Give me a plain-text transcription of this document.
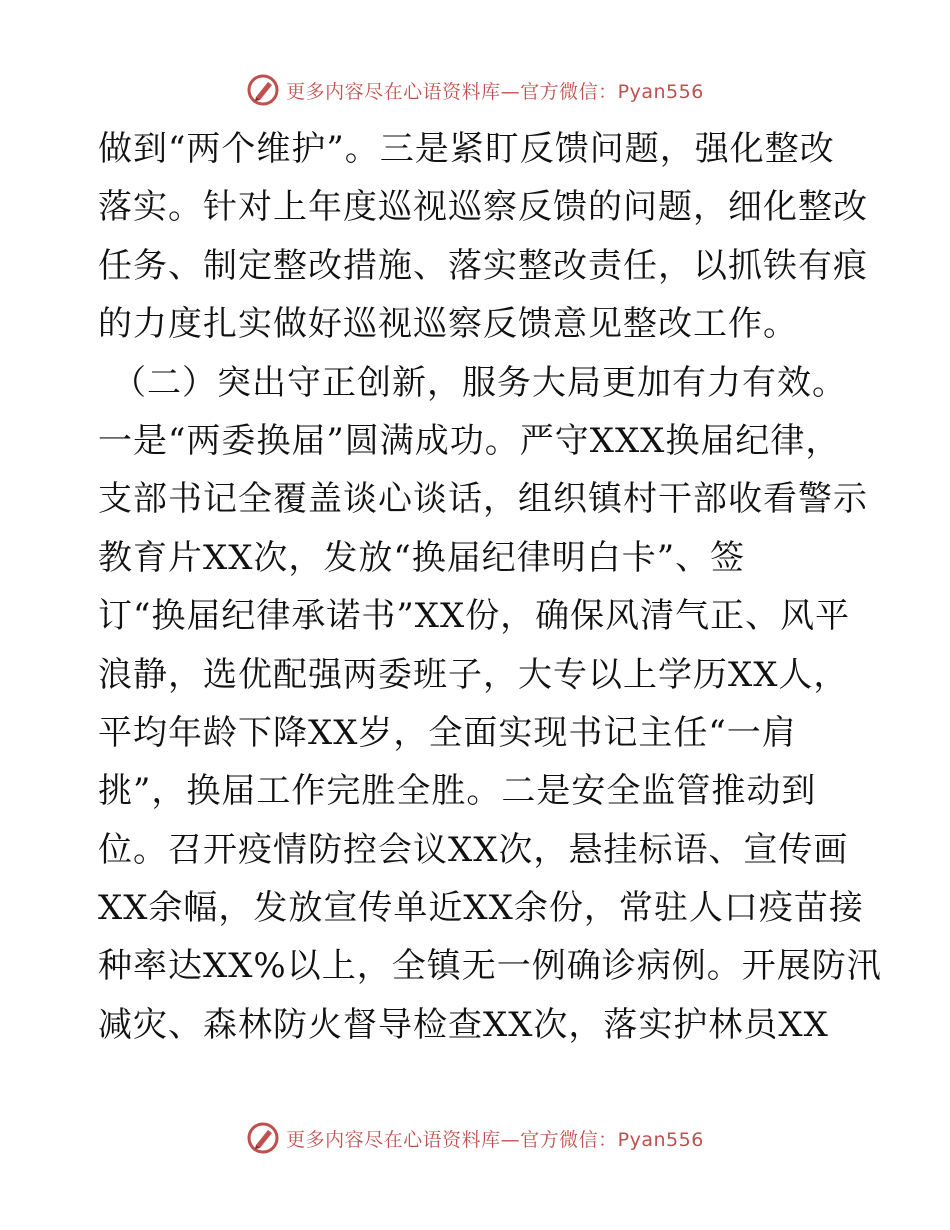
更多内容尽在心语资料库—官方微信：Pyan556
做到“两个维护”。三是紧盯反馈问题，强化整改
落实。针对上年度巡视巡察反馈的问题，细化整改
任务、制定整改措施、落实整改责任，以抓铁有痕
的力度扎实做好巡视巡察反馈意见整改工作。
（二）突出守正创新，服务大局更加有力有效。
一是“两委换届”圆满成功。严守XXX换届纪律，
支部书记全覆盖谈心谈话，组织镇村干部收看警示
教育片XX次，发放“换届纪律明白卡”、签
订“换届纪律承诺书”XX份，确保风清气正、风平
浪静，选优配强两委班子，大专以上学历XX人，
平均年龄下降XX岁，全面实现书记主任“一肩
挑”，换届工作完胜全胜。二是安全监管推动到
位。召开疫情防控会议XX次，悬挂标语、宣传画
XX余幅，发放宣传单近XX余份，常驻人口疫苗接
种率达XX%以上，全镇无一例确诊病例。开展防汛
减灾、森林防火督导检查XX次，落实护林员XX
更多内容尽在心语资料库—官方微信：Pyan556
